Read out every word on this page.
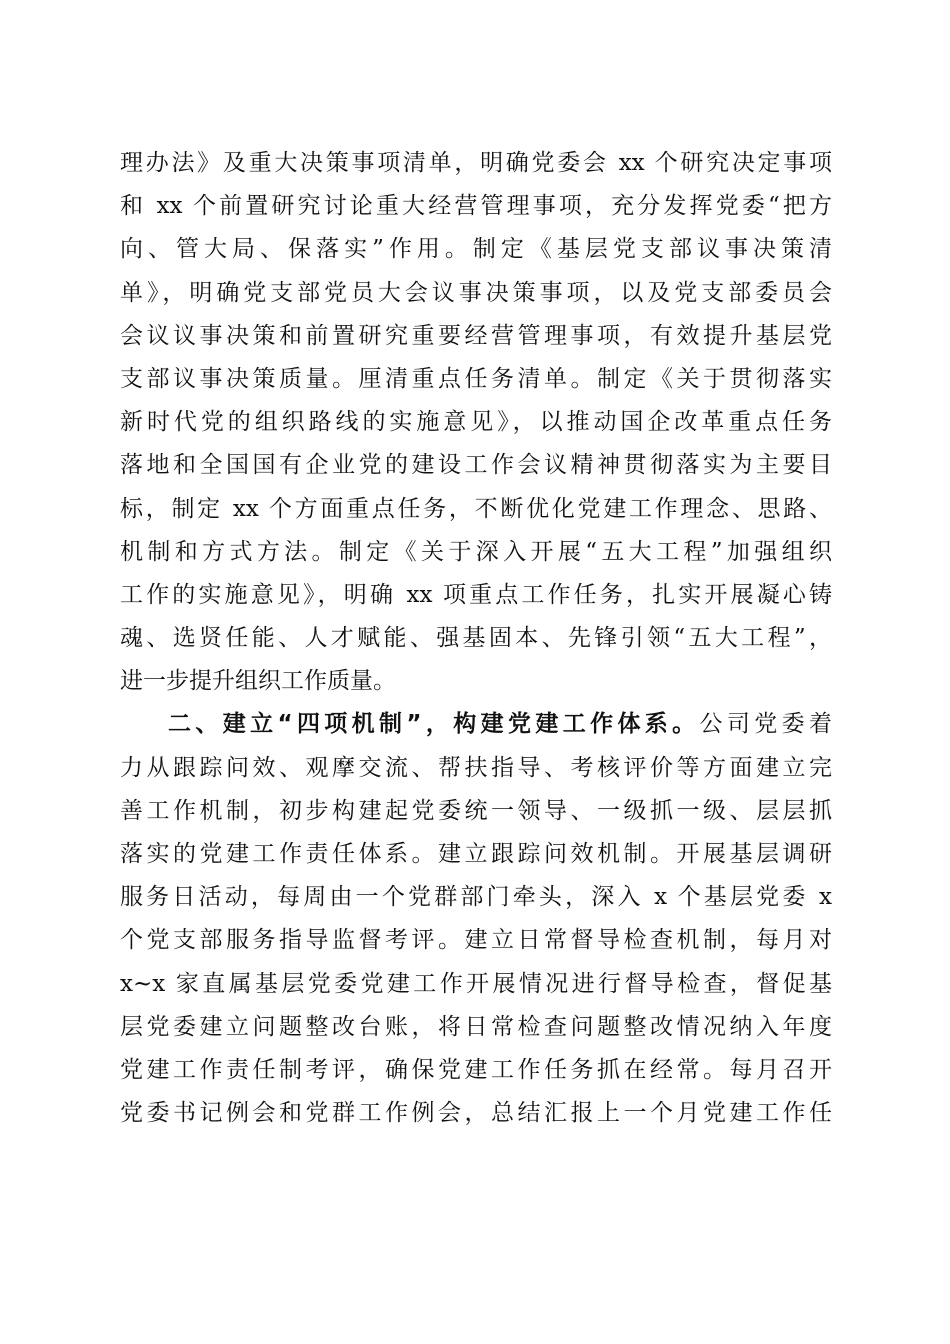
理办法》及重大决策事项清单，明确党委会 xx 个研究决定事项
和 xx 个前置研究讨论重大经营管理事项，充分发挥党委“把方
向、管大局、保落实”作用。制定《基层党支部议事决策清
单》，明确党支部党员大会议事决策事项，以及党支部委员会
会议议事决策和前置研究重要经营管理事项，有效提升基层党
支部议事决策质量。厘清重点任务清单。制定《关于贯彻落实
新时代党的组织路线的实施意见》，以推动国企改革重点任务
落地和全国国有企业党的建设工作会议精神贯彻落实为主要目
标，制定 xx 个方面重点任务，不断优化党建工作理念、思路、
机制和方式方法。制定《关于深入开展“五大工程”加强组织
工作的实施意见》，明确 xx 项重点工作任务，扎实开展凝心铸
魂、选贤任能、人才赋能、强基固本、先锋引领“五大工程”，
进一步提升组织工作质量。
二、建立“四项机制”，构建党建工作体系。公司党委着
力从跟踪问效、观摩交流、帮扶指导、考核评价等方面建立完
善工作机制，初步构建起党委统一领导、一级抓一级、层层抓
落实的党建工作责任体系。建立跟踪问效机制。开展基层调研
服务日活动，每周由一个党群部门牵头，深入 x 个基层党委 x
个党支部服务指导监督考评。建立日常督导检查机制，每月对
x~x 家直属基层党委党建工作开展情况进行督导检查，督促基
层党委建立问题整改台账，将日常检查问题整改情况纳入年度
党建工作责任制考评，确保党建工作任务抓在经常。每月召开
党委书记例会和党群工作例会，总结汇报上一个月党建工作任
